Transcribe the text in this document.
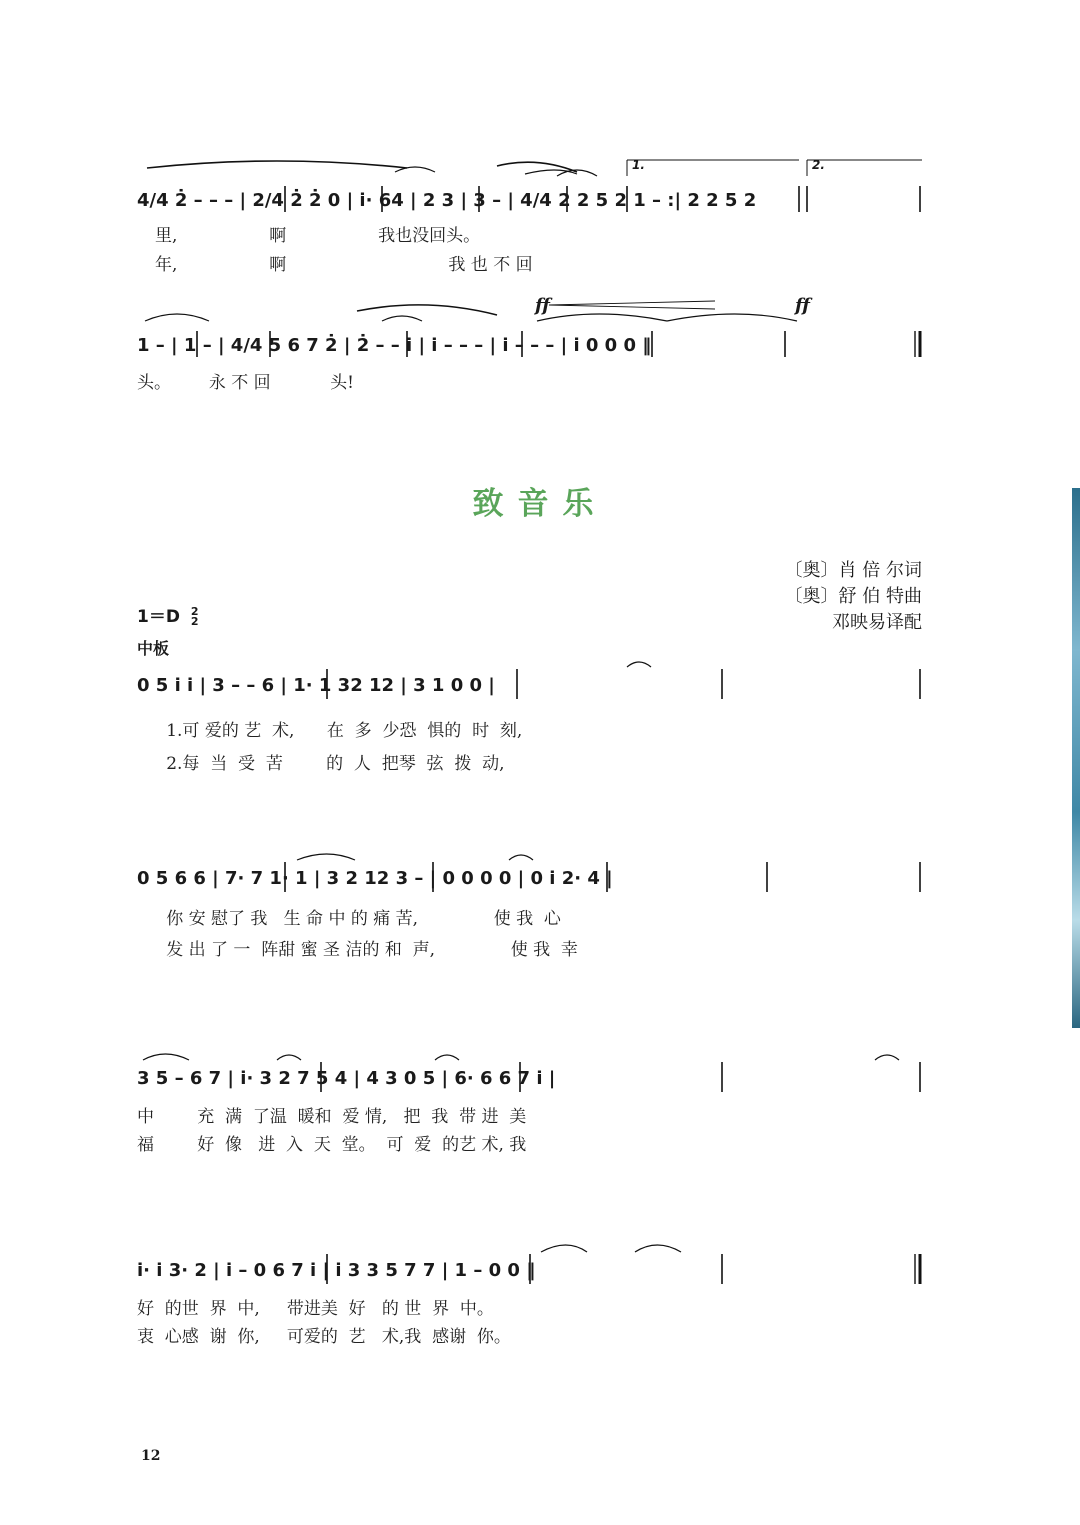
1.	2.
4/4 2̇ – – – | 2/4 2̇ 2̇ 0 | i· 64 | 2 3 | 3 – | 4/4 2 2 5 2 1 – :| 2 2 5 2
里,                 啊                 我也没回头。
年,                 啊                              我 也 不 回
ff	ff
1 – | 1 – | 4/4 5 6 7 2̇ | 2̇ – – i | i – – – | i – – – | i 0 0 0 ‖
头。       永 不 回           头!
致音乐
〔奥〕肖 倍 尔词
〔奥〕舒 伯 特曲
邓映易译配
1＝D 2
2
中板
0 5 i i | 3 – – 6 | 1· 1 32 12 | 3 1 0 0 |
1.可 爱的 艺  术,      在  多  少恐  惧的  时  刻,
2.每  当  受  苦        的  人  把琴  弦  拨  动,
0 5 6 6 | 7· 7 1· 1 | 3 2 12 3 – | 0 0 0 0 | 0 i 2· 4 |
你 安 慰了 我   生 命 中 的 痛 苦,              使 我  心
发 出 了 一  阵甜 蜜 圣 洁的 和  声,              使 我  幸
3 5 – 6 7 | i· 3 2 7 5 4 | 4 3 0 5 | 6· 6 6 7 i |
中        充  满  了温  暖和  爱 情,   把  我  带 进  美
福        好  像   进  入  天  堂。  可  爱  的艺 术, 我
i· i 3· 2 | i – 0 6 7 i | i 3 3 5 7 7 | 1 – 0 0 ‖
好  的世  界  中,     带进美  好   的 世  界  中。
衷  心感  谢  你,     可爱的  艺   术,我  感谢  你。
12
